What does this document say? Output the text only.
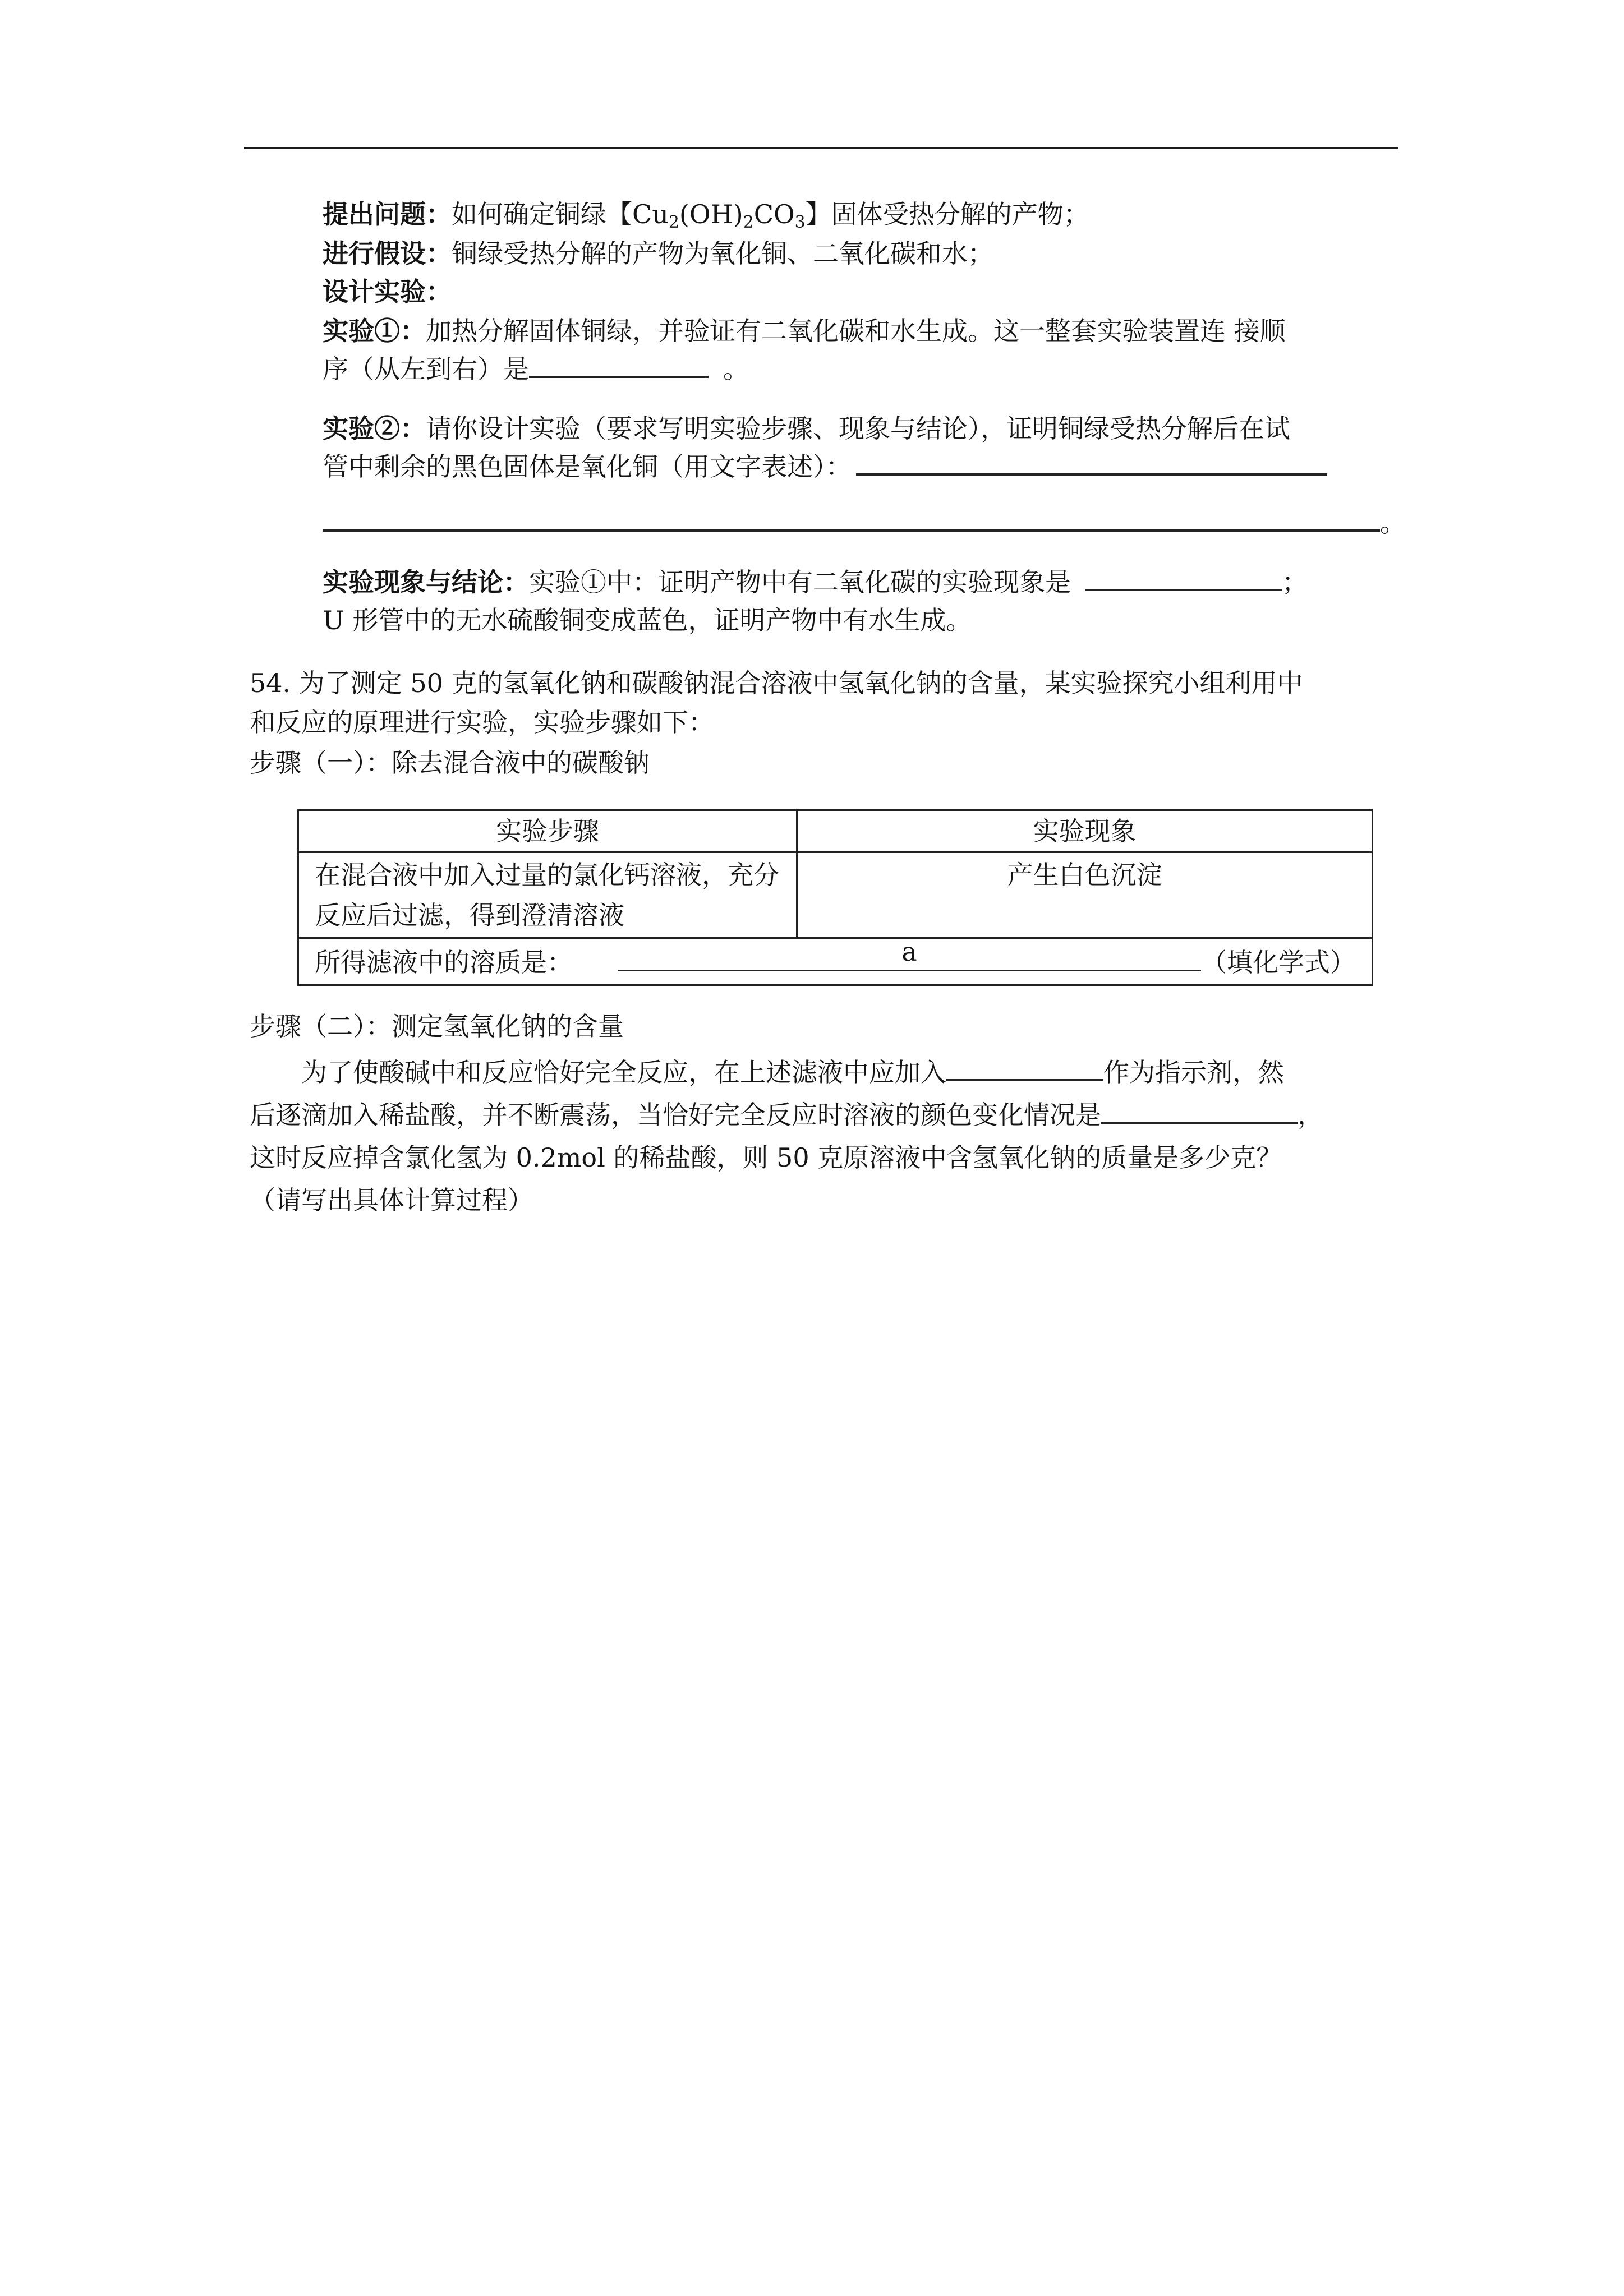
提出问题：如何确定铜绿【$Cu_2(OH)_2CO_3$】固体受热分解的产物；
进行假设：铜绿受热分解的产物为氧化铜、二氧化碳和水；
设计实验：
实验①：加热分解固体铜绿，并验证有二氧化碳和水生成。这一整套实验装置连 接顺
序（从左到右）是	。
实验②：请你设计实验（要求写明实验步骤、现象与结论），证明铜绿受热分解后在试
管中剩余的黑色固体是氧化铜（用文字表述）：
。
实验现象与结论：实验①中：证明产物中有二氧化碳的实验现象是	；
U 形管中的无水硫酸铜变成蓝色，证明产物中有水生成。
54. 为了测定 50 克的氢氧化钠和碳酸钠混合溶液中氢氧化钠的含量，某实验探究小组利用中
和反应的原理进行实验，实验步骤如下：
步骤（一）：除去混合液中的碳酸钠
实验步骤	实验现象
在混合液中加入过量的氯化钙溶液，充分反应后过滤，得到澄清溶液	产生白色沉淀
所得滤液中的溶质是： a （填化学式）	
步骤（二）：测定氢氧化钠的含量
为了使酸碱中和反应恰好完全反应，在上述滤液中应加入	作为指示剂，然
后逐滴加入稀盐酸，并不断震荡，当恰好完全反应时溶液的颜色变化情况是	，
这时反应掉含氯化氢为 0.2mol 的稀盐酸，则 50 克原溶液中含氢氧化钠的质量是多少克？
（请写出具体计算过程）
